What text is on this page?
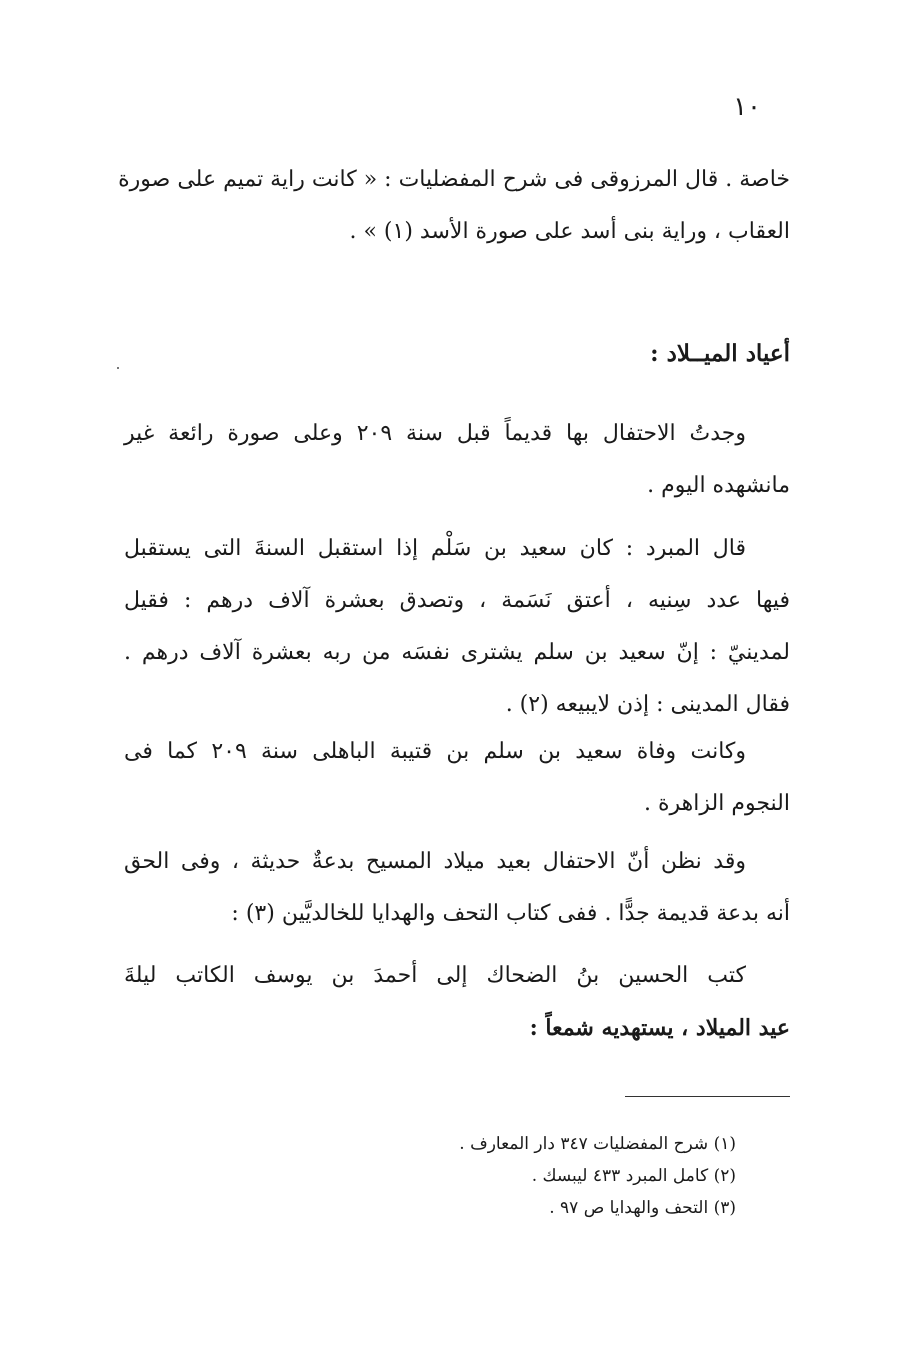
١٠
خاصة . قال المرزوقى فى شرح المفضليات : « كانت راية تميم على صورة
العقاب ، وراية بنى أسد على صورة الأسد (١) » .
أعياد الميــلاد :
وجدتُ الاحتفال بها قديماً قبل سنة ٢٠٩ وعلى صورة رائعة غير
مانشهده اليوم .
قال المبرد : كان سعيد بن سَلْم إذا استقبل السنةَ التى يستقبل
فيها عدد سِنيه ، أعتق نَسَمة ، وتصدق بعشرة آلاف درهم : فقيل
لمدينيّ : إنّ سعيد بن سلم يشترى نفسَه من ربه بعشرة آلاف درهم .
فقال المدينى : إذن لايبيعه (٢) .
وكانت وفاة سعيد بن سلم بن قتيبة الباهلى سنة ٢٠٩ كما فى
النجوم الزاهرة .
وقد نظن أنّ الاحتفال بعيد ميلاد المسيح بدعةٌ حديثة ، وفى الحق
أنه بدعة قديمة جدًّا . ففى كتاب التحف والهدايا للخالديَّين (٣) :
كتب الحسين بنُ الضحاك إلى أحمدَ بن يوسف الكاتب ليلةَ
عيد الميلاد ، يستهديه شمعاً :
(١) شرح المفضليات ٣٤٧ دار المعارف .
(٢) كامل المبرد ٤٣٣ ليبسك .
(٣) التحف والهدايا ص ٩٧ .
